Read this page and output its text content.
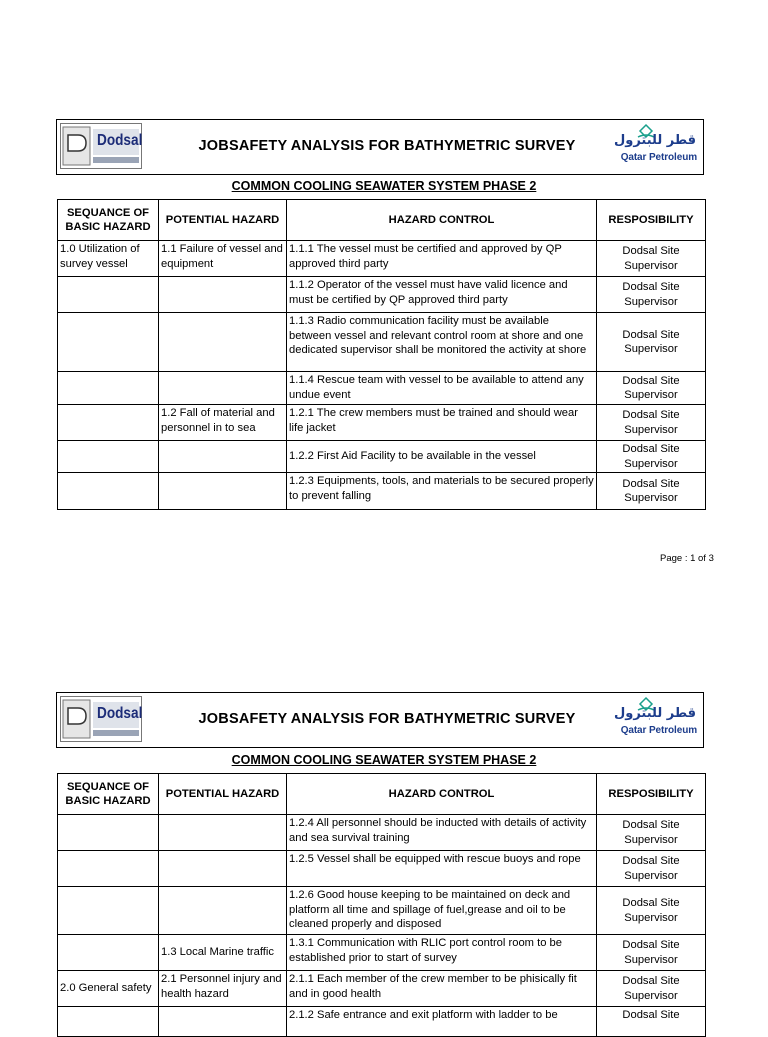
Dodsal	JOBSAFETY ANALYSIS FOR BATHYMETRIC SURVEY	قطر للبترول
Qatar Petroleum
COMMON COOLING SEAWATER SYSTEM PHASE 2
SEQUANCE OF BASIC HAZARD	POTENTIAL HAZARD	HAZARD CONTROL	RESPOSIBILITY
1.0 Utilization of survey vessel	1.1 Failure of vessel and equipment	1.1.1 The vessel must be certified and approved by QP approved third party	Dodsal Site Supervisor
		1.1.2 Operator of the vessel must have valid licence and must be certified by QP approved third party	Dodsal Site Supervisor
		1.1.3 Radio communication facility must be available between vessel and relevant control room at shore and one dedicated supervisor shall be monitored the activity at shore	Dodsal Site Supervisor
		1.1.4 Rescue team with vessel to be available to attend any undue event	Dodsal Site Supervisor
	1.2 Fall of material and personnel in to sea	1.2.1 The crew members must be trained and should wear life jacket	Dodsal Site Supervisor
		1.2.2 First Aid Facility to be available in the vessel	Dodsal Site Supervisor
		1.2.3 Equipments, tools, and materials to be secured properly to prevent falling	Dodsal Site Supervisor
Page : 1 of 3
Dodsal	JOBSAFETY ANALYSIS FOR BATHYMETRIC SURVEY	قطر للبترول
Qatar Petroleum
COMMON COOLING SEAWATER SYSTEM PHASE 2
SEQUANCE OF BASIC HAZARD	POTENTIAL HAZARD	HAZARD CONTROL	RESPOSIBILITY
		1.2.4 All personnel should be inducted with details of activity and sea survival training	Dodsal Site Supervisor
		1.2.5 Vessel shall be equipped with rescue buoys and rope	Dodsal Site Supervisor
		1.2.6 Good house keeping to be maintained on deck and platform all time and spillage of fuel,grease and oil to be cleaned properly and disposed	Dodsal Site Supervisor
	1.3 Local Marine traffic	1.3.1 Communication with RLIC port control room to be established prior to start of survey	Dodsal Site Supervisor
2.0 General safety	2.1 Personnel injury and health hazard	2.1.1 Each member of the crew member to be phisically fit and in good health	Dodsal Site Supervisor
		2.1.2 Safe entrance and exit platform with ladder to be	Dodsal Site
